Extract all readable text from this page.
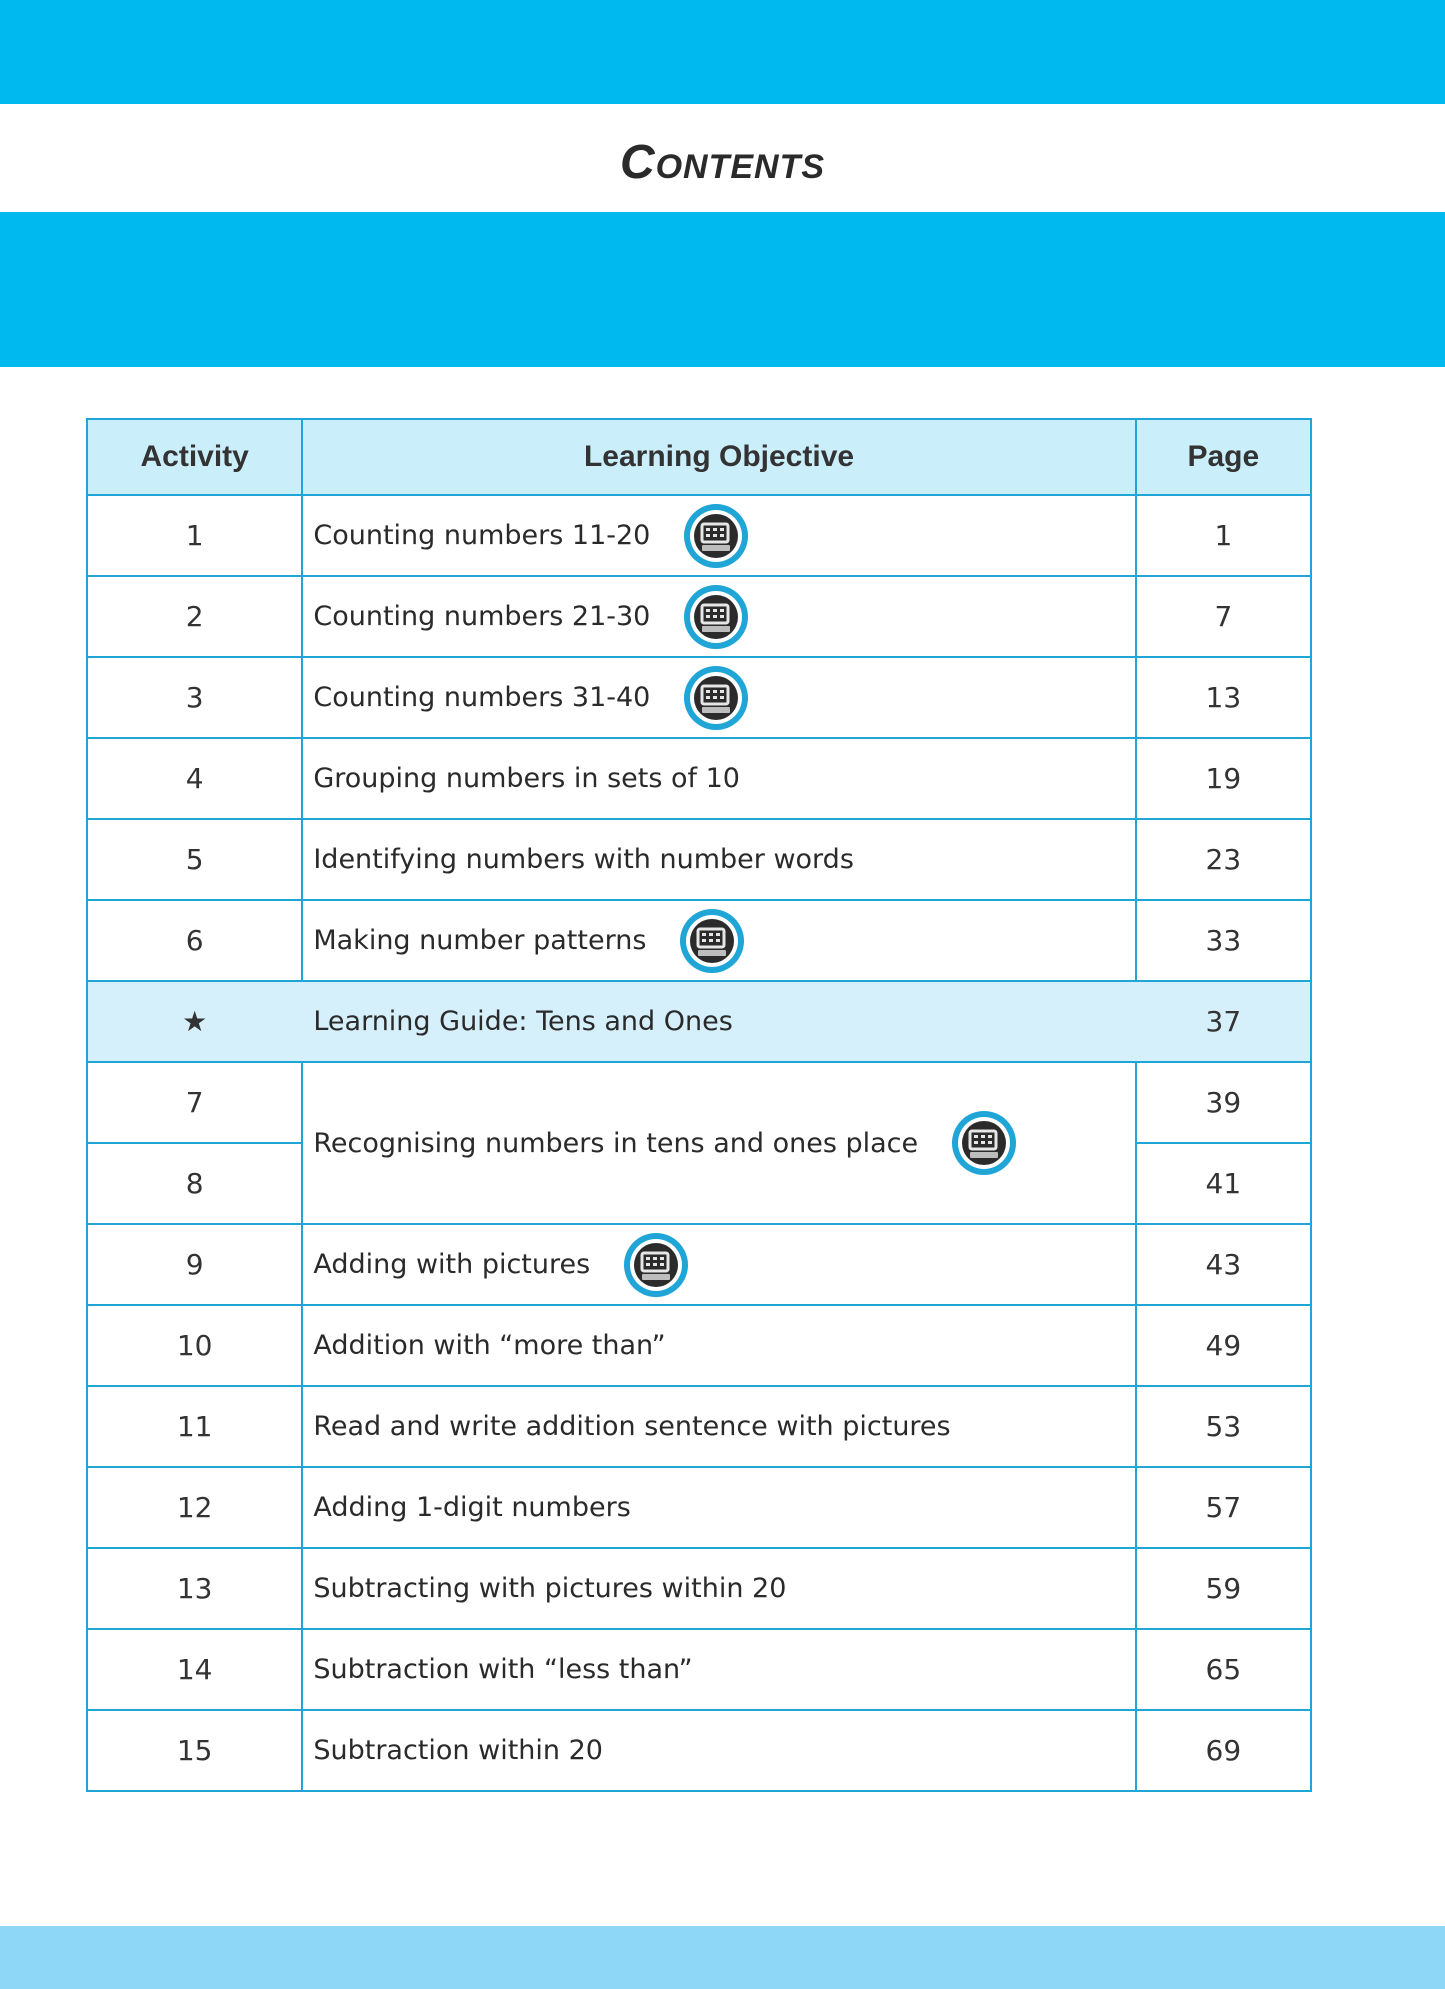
Contents
Activity	Learning Objective	Page
1	Counting numbers 11-20	1
2	Counting numbers 21-30	7
3	Counting numbers 31-40	13
4	Grouping numbers in sets of 10	19
5	Identifying numbers with number words	23
6	Making number patterns	33
★	Learning Guide: Tens and Ones	37
7	Recognising numbers in tens and ones place	39
8		41
9	Adding with pictures	43
10	Addition with “more than”	49
11	Read and write addition sentence with pictures	53
12	Adding 1-digit numbers	57
13	Subtracting with pictures within 20	59
14	Subtraction with “less than”	65
15	Subtraction within 20	69
